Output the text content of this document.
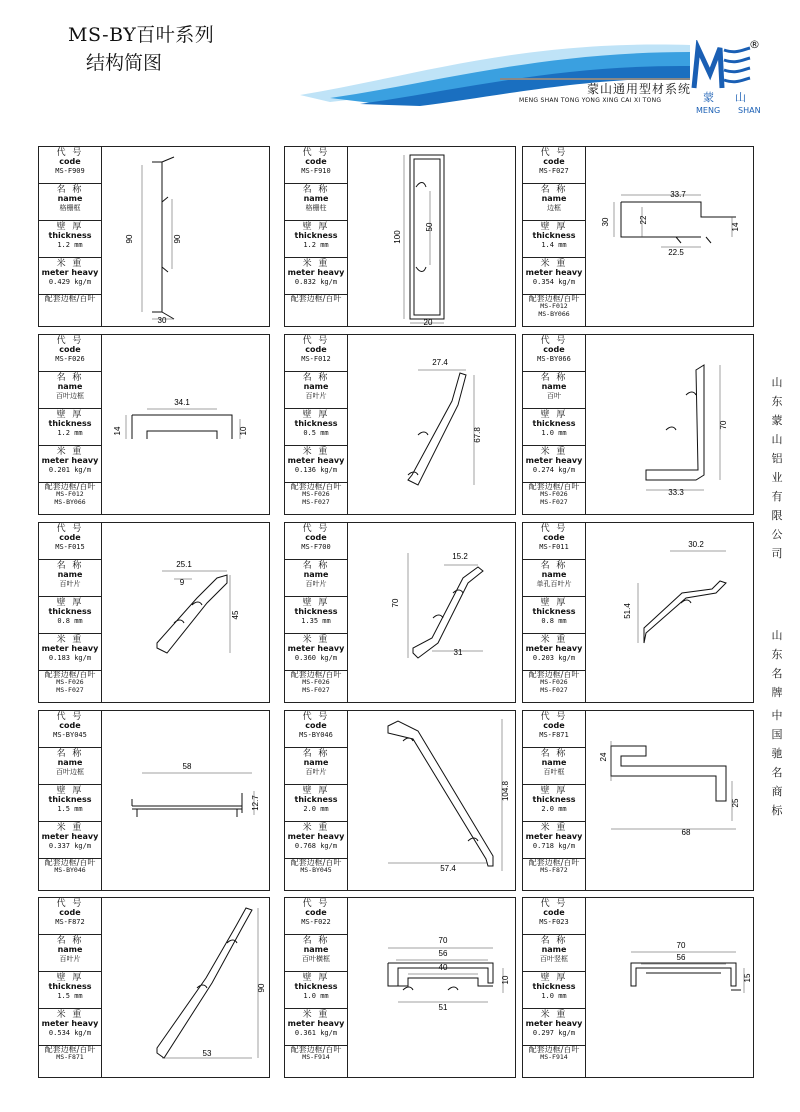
MS-BY百叶系列
结构简图
蒙山通用型材系统
MENG SHAN TONG YONG XING CAI XI TONG
®
蒙 山
MENG SHAN
代 号
code
MS-F909
名 称
name
格栅框
壁 厚
thickness
1.2 mm
米 重
meter heavy
0.429 kg/m
配套边框/百叶
90	90
30
代 号
code
MS-F910
名 称
name
格栅柱
壁 厚
thickness
1.2 mm
米 重
meter heavy
0.832 kg/m
配套边框/百叶
100
50
20
代 号
code
MS-F027
名 称
name
边框
壁 厚
thickness
1.4 mm
米 重
meter heavy
0.354 kg/m
配套边框/百叶
MS-F012
MS-BY066
33.7
30	22
14
22.5
代 号
code
MS-F026
名 称
name
百叶边框
壁 厚
thickness
1.2 mm
米 重
meter heavy
0.201 kg/m
配套边框/百叶
MS-F012
MS-BY066
34.1
14	10
代 号
code
MS-F012
名 称
name
百叶片
壁 厚
thickness
0.5 mm
米 重
meter heavy
0.136 kg/m
配套边框/百叶
MS-F026
MS-F027
27.4
67.8
代 号
code
MS-BY066
名 称
name
百叶
壁 厚
thickness
1.0 mm
米 重
meter heavy
0.274 kg/m
配套边框/百叶
MS-F026
MS-F027
70
33.3
代 号
code
MS-F015
名 称
name
百叶片
壁 厚
thickness
0.8 mm
米 重
meter heavy
0.183 kg/m
配套边框/百叶
MS-F026
MS-F027
25.1
9
45
代 号
code
MS-F700
名 称
name
百叶片
壁 厚
thickness
1.35 mm
米 重
meter heavy
0.360 kg/m
配套边框/百叶
MS-F026
MS-F027
15.2
70
31
代 号
code
MS-F011
名 称
name
单孔百叶片
壁 厚
thickness
0.8 mm
米 重
meter heavy
0.203 kg/m
配套边框/百叶
MS-F026
MS-F027
30.2
51.4
代 号
code
MS-BY045
名 称
name
百叶边框
壁 厚
thickness
1.5 mm
米 重
meter heavy
0.337 kg/m
配套边框/百叶
MS-BY046
58
12.7
代 号
code
MS-BY046
名 称
name
百叶片
壁 厚
thickness
2.0 mm
米 重
meter heavy
0.768 kg/m
配套边框/百叶
MS-BY045
104.8
57.4
代 号
code
MS-F871
名 称
name
百叶框
壁 厚
thickness
2.0 mm
米 重
meter heavy
0.718 kg/m
配套边框/百叶
MS-F872
24
25
68
代 号
code
MS-F872
名 称
name
百叶片
壁 厚
thickness
1.5 mm
米 重
meter heavy
0.534 kg/m
配套边框/百叶
MS-F871
90
53
代 号
code
MS-F022
名 称
name
百叶横框
壁 厚
thickness
1.0 mm
米 重
meter heavy
0.361 kg/m
配套边框/百叶
MS-F914
70
56
40
51
10
代 号
code
MS-F023
名 称
name
百叶竖框
壁 厚
thickness
1.0 mm
米 重
meter heavy
0.297 kg/m
配套边框/百叶
MS-F914
70
56
15
山东蒙山铝业有限公司
山东名牌
中国驰名商标
